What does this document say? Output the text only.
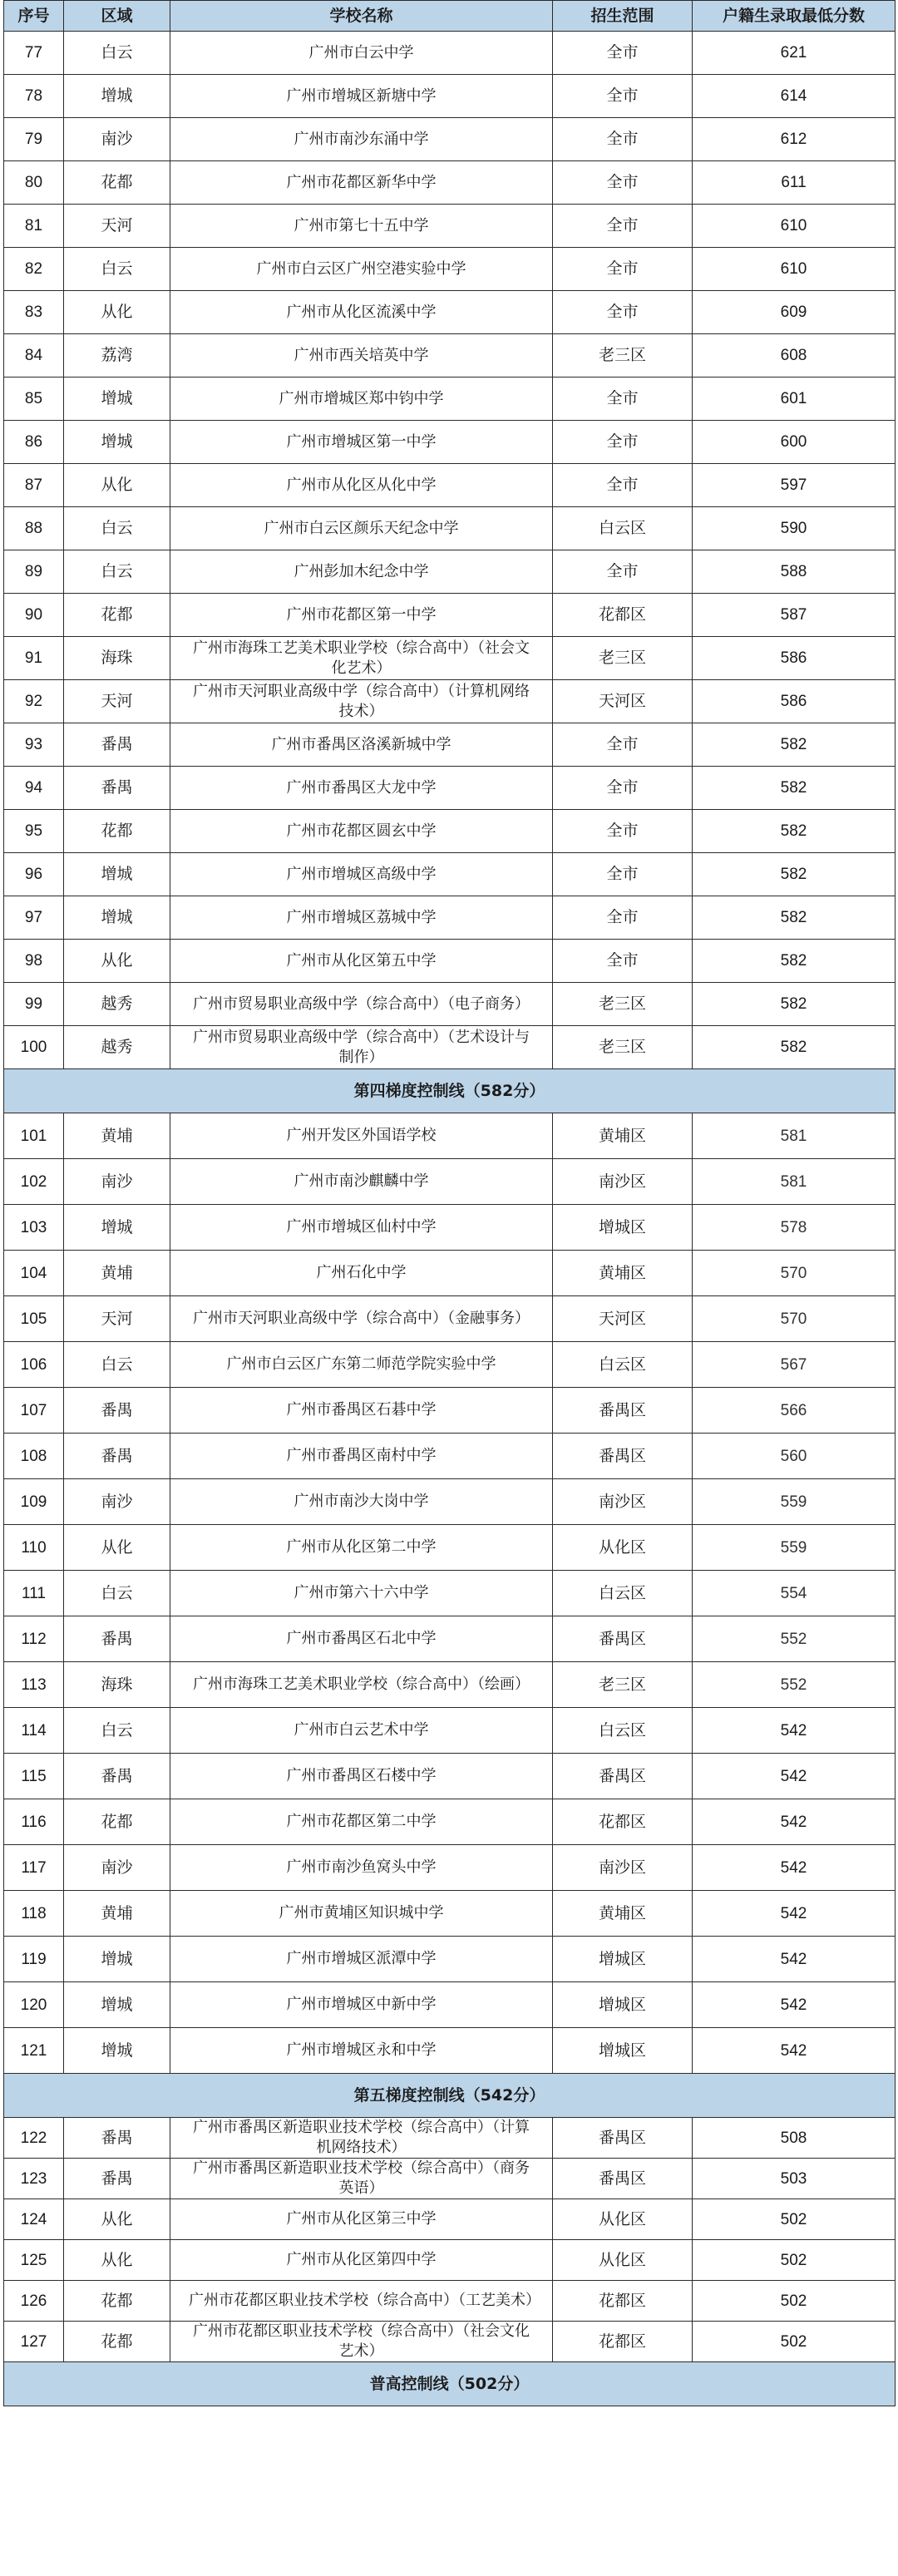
序号	区域	学校名称	招生范围	户籍生录取最低分数
77	白云	广州市白云中学	全市	621
78	增城	广州市增城区新塘中学	全市	614
79	南沙	广州市南沙东涌中学	全市	612
80	花都	广州市花都区新华中学	全市	611
81	天河	广州市第七十五中学	全市	610
82	白云	广州市白云区广州空港实验中学	全市	610
83	从化	广州市从化区流溪中学	全市	609
84	荔湾	广州市西关培英中学	老三区	608
85	增城	广州市增城区郑中钧中学	全市	601
86	增城	广州市增城区第一中学	全市	600
87	从化	广州市从化区从化中学	全市	597
88	白云	广州市白云区颜乐天纪念中学	白云区	590
89	白云	广州彭加木纪念中学	全市	588
90	花都	广州市花都区第一中学	花都区	587
91	海珠	广州市海珠工艺美术职业学校（综合高中）（社会文化艺术）	老三区	586
92	天河	广州市天河职业高级中学（综合高中）（计算机网络技术）	天河区	586
93	番禺	广州市番禺区洛溪新城中学	全市	582
94	番禺	广州市番禺区大龙中学	全市	582
95	花都	广州市花都区圆玄中学	全市	582
96	增城	广州市增城区高级中学	全市	582
97	增城	广州市增城区荔城中学	全市	582
98	从化	广州市从化区第五中学	全市	582
99	越秀	广州市贸易职业高级中学（综合高中）（电子商务）	老三区	582
100	越秀	广州市贸易职业高级中学（综合高中）（艺术设计与制作）	老三区	582
第四梯度控制线（582分）				
101	黄埔	广州开发区外国语学校	黄埔区	581
102	南沙	广州市南沙麒麟中学	南沙区	581
103	增城	广州市增城区仙村中学	增城区	578
104	黄埔	广州石化中学	黄埔区	570
105	天河	广州市天河职业高级中学（综合高中）（金融事务）	天河区	570
106	白云	广州市白云区广东第二师范学院实验中学	白云区	567
107	番禺	广州市番禺区石碁中学	番禺区	566
108	番禺	广州市番禺区南村中学	番禺区	560
109	南沙	广州市南沙大岗中学	南沙区	559
110	从化	广州市从化区第二中学	从化区	559
111	白云	广州市第六十六中学	白云区	554
112	番禺	广州市番禺区石北中学	番禺区	552
113	海珠	广州市海珠工艺美术职业学校（综合高中）（绘画）	老三区	552
114	白云	广州市白云艺术中学	白云区	542
115	番禺	广州市番禺区石楼中学	番禺区	542
116	花都	广州市花都区第二中学	花都区	542
117	南沙	广州市南沙鱼窝头中学	南沙区	542
118	黄埔	广州市黄埔区知识城中学	黄埔区	542
119	增城	广州市增城区派潭中学	增城区	542
120	增城	广州市增城区中新中学	增城区	542
121	增城	广州市增城区永和中学	增城区	542
第五梯度控制线（542分）				
122	番禺	广州市番禺区新造职业技术学校（综合高中）（计算机网络技术）	番禺区	508
123	番禺	广州市番禺区新造职业技术学校（综合高中）（商务英语）	番禺区	503
124	从化	广州市从化区第三中学	从化区	502
125	从化	广州市从化区第四中学	从化区	502
126	花都	广州市花都区职业技术学校（综合高中）（工艺美术）	花都区	502
127	花都	广州市花都区职业技术学校（综合高中）（社会文化艺术）	花都区	502
普高控制线（502分）				
